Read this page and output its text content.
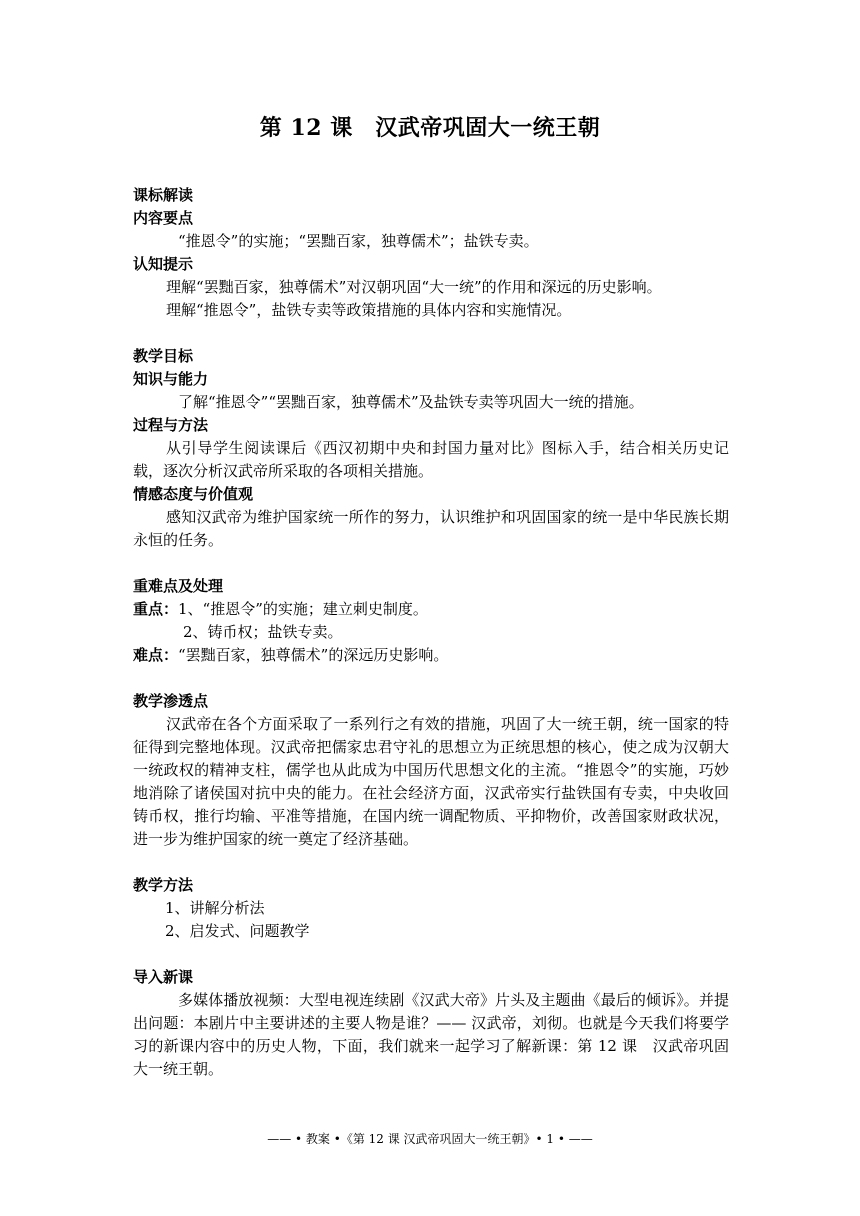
第 12 课　汉武帝巩固大一统王朝
课标解读
内容要点

“推恩令”的实施；“罢黜百家，独尊儒术”；盐铁专卖。

认知提示

理解“罢黜百家，独尊儒术”对汉朝巩固“大一统”的作用和深远的历史影响。

理解“推恩令”，盐铁专卖等政策措施的具体内容和实施情况。

教学目标
知识与能力

了解“推恩令”“罢黜百家，独尊儒术”及盐铁专卖等巩固大一统的措施。

过程与方法

从引导学生阅读课后《西汉初期中央和封国力量对比》图标入手，结合相关历史记载，逐次分析汉武帝所采取的各项相关措施。

情感态度与价值观

感知汉武帝为维护国家统一所作的努力，认识维护和巩固国家的统一是中华民族长期永恒的任务。

重难点及处理
重点：1、“推恩令”的实施；建立刺史制度。
2、铸币权；盐铁专卖。
难点：“罢黜百家，独尊儒术”的深远历史影响。
教学渗透点

汉武帝在各个方面采取了一系列行之有效的措施，巩固了大一统王朝，统一国家的特征得到完整地体现。汉武帝把儒家忠君守礼的思想立为正统思想的核心，使之成为汉朝大一统政权的精神支柱，儒学也从此成为中国历代思想文化的主流。“推恩令”的实施，巧妙地消除了诸侯国对抗中央的能力。在社会经济方面，汉武帝实行盐铁国有专卖，中央收回铸币权，推行均输、平准等措施，在国内统一调配物质、平抑物价，改善国家财政状况，进一步为维护国家的统一奠定了经济基础。

教学方法
1、讲解分析法
2、启发式、问题教学
导入新课

多媒体播放视频：大型电视连续剧《汉武大帝》片头及主题曲《最后的倾诉》。并提出问题：本剧片中主要讲述的主要人物是谁？—— 汉武帝，刘彻。也就是今天我们将要学习的新课内容中的历史人物，下面，我们就来一起学习了解新课：第 12 课　汉武帝巩固大一统王朝。

—— • 教案 •《第 12 课 汉武帝巩固大一统王朝》• 1 • ——
